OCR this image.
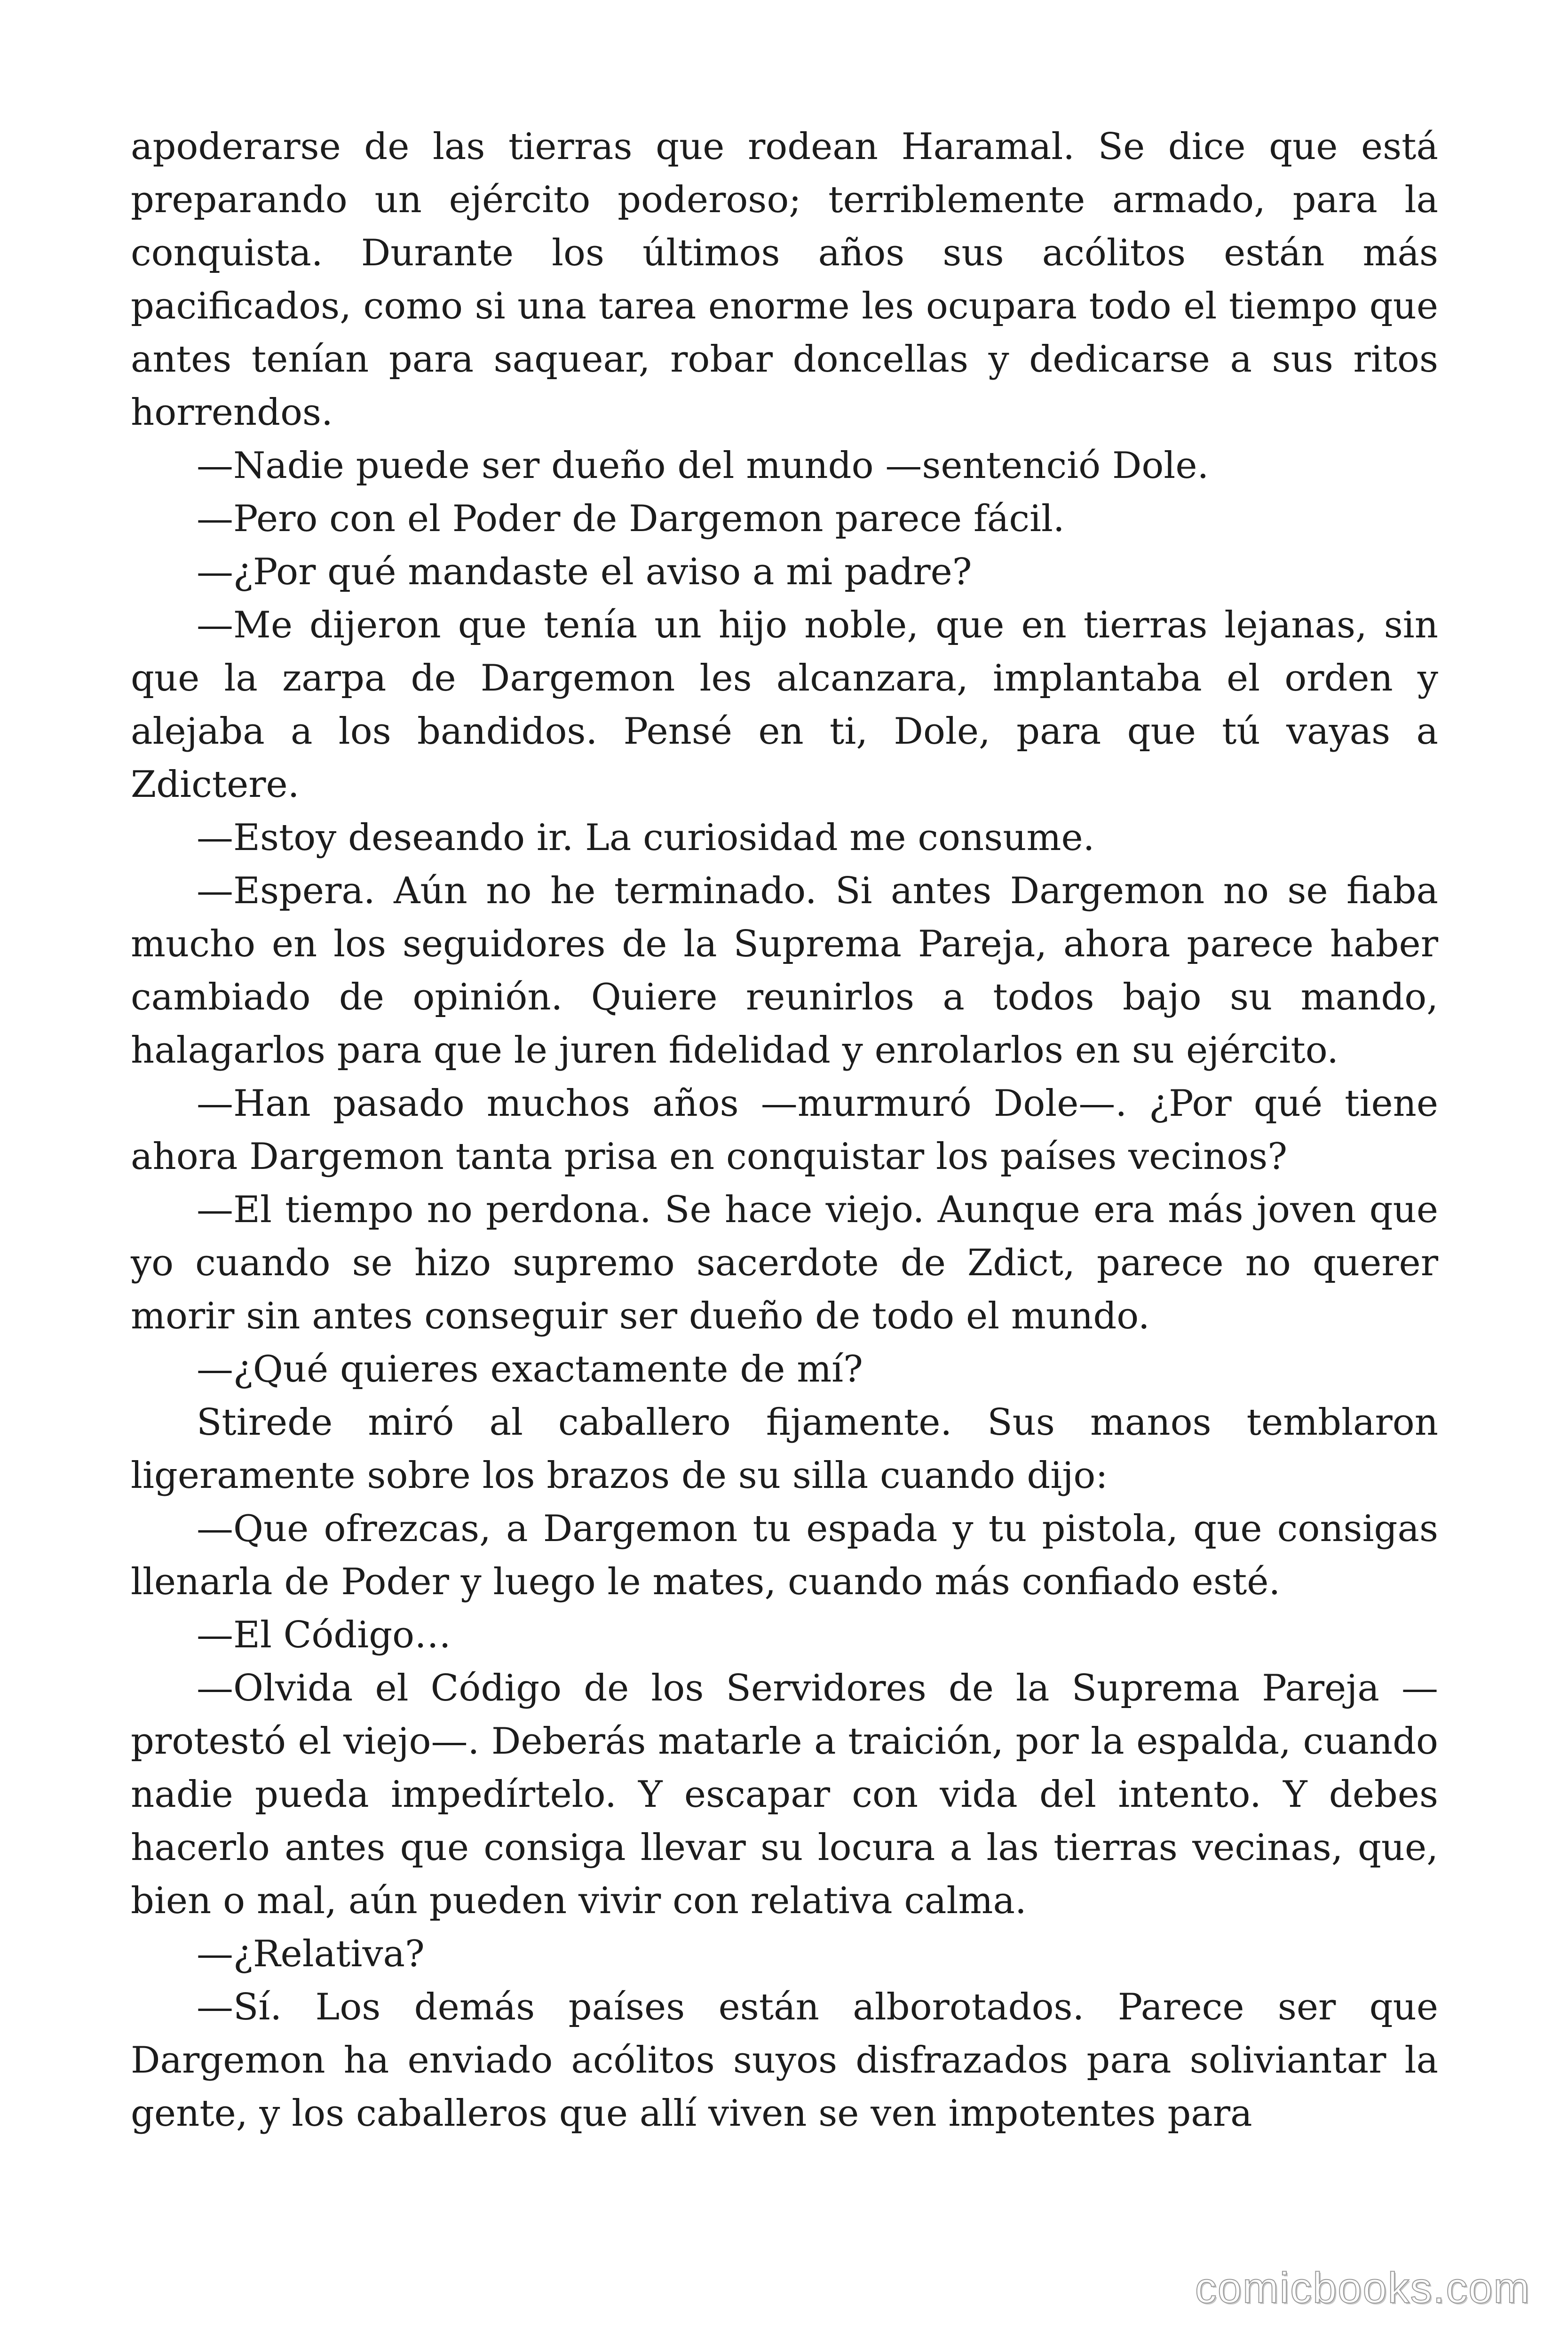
apoderarse de las tierras que rodean Haramal. Se dice que está preparando un ejército poderoso; terriblemente armado, para la conquista. Durante los últimos años sus acólitos están más pacificados, como si una tarea enorme les ocupara todo el tiempo que antes tenían para saquear, robar doncellas y dedicarse a sus ritos horrendos.

—Nadie puede ser dueño del mundo —sentenció Dole.

—Pero con el Poder de Dargemon parece fácil.

—¿Por qué mandaste el aviso a mi padre?

—Me dijeron que tenía un hijo noble, que en tierras lejanas, sin que la zarpa de Dargemon les alcanzara, implantaba el orden y alejaba a los bandidos. Pensé en ti, Dole, para que tú vayas a Zdictere.

—Estoy deseando ir. La curiosidad me consume.

—Espera. Aún no he terminado. Si antes Dargemon no se fiaba mucho en los seguidores de la Suprema Pareja, ahora parece haber cambiado de opinión. Quiere reunirlos a todos bajo su mando, halagarlos para que le juren fidelidad y enrolarlos en su ejército.

—Han pasado muchos años —murmuró Dole—. ¿Por qué tiene ahora Dargemon tanta prisa en conquistar los países vecinos?

—El tiempo no perdona. Se hace viejo. Aunque era más joven que yo cuando se hizo supremo sacerdote de Zdict, parece no querer morir sin antes conseguir ser dueño de todo el mundo.

—¿Qué quieres exactamente de mí?

Stirede miró al caballero fijamente. Sus manos temblaron ligeramente sobre los brazos de su silla cuando dijo:

—Que ofrezcas, a Dargemon tu espada y tu pistola, que consigas llenarla de Poder y luego le mates, cuando más confiado esté.

—El Código…

—Olvida el Código de los Servidores de la Suprema Pareja —protestó el viejo—. Deberás matarle a traición, por la espalda, cuando nadie pueda impedírtelo. Y escapar con vida del intento. Y debes hacerlo antes que consiga llevar su locura a las tierras vecinas, que, bien o mal, aún pueden vivir con relativa calma.

—¿Relativa?

—Sí. Los demás países están alborotados. Parece ser que Dargemon ha enviado acólitos suyos disfrazados para soliviantar la gente, y los caballeros que allí viven se ven impotentes para

comicbooks.com
